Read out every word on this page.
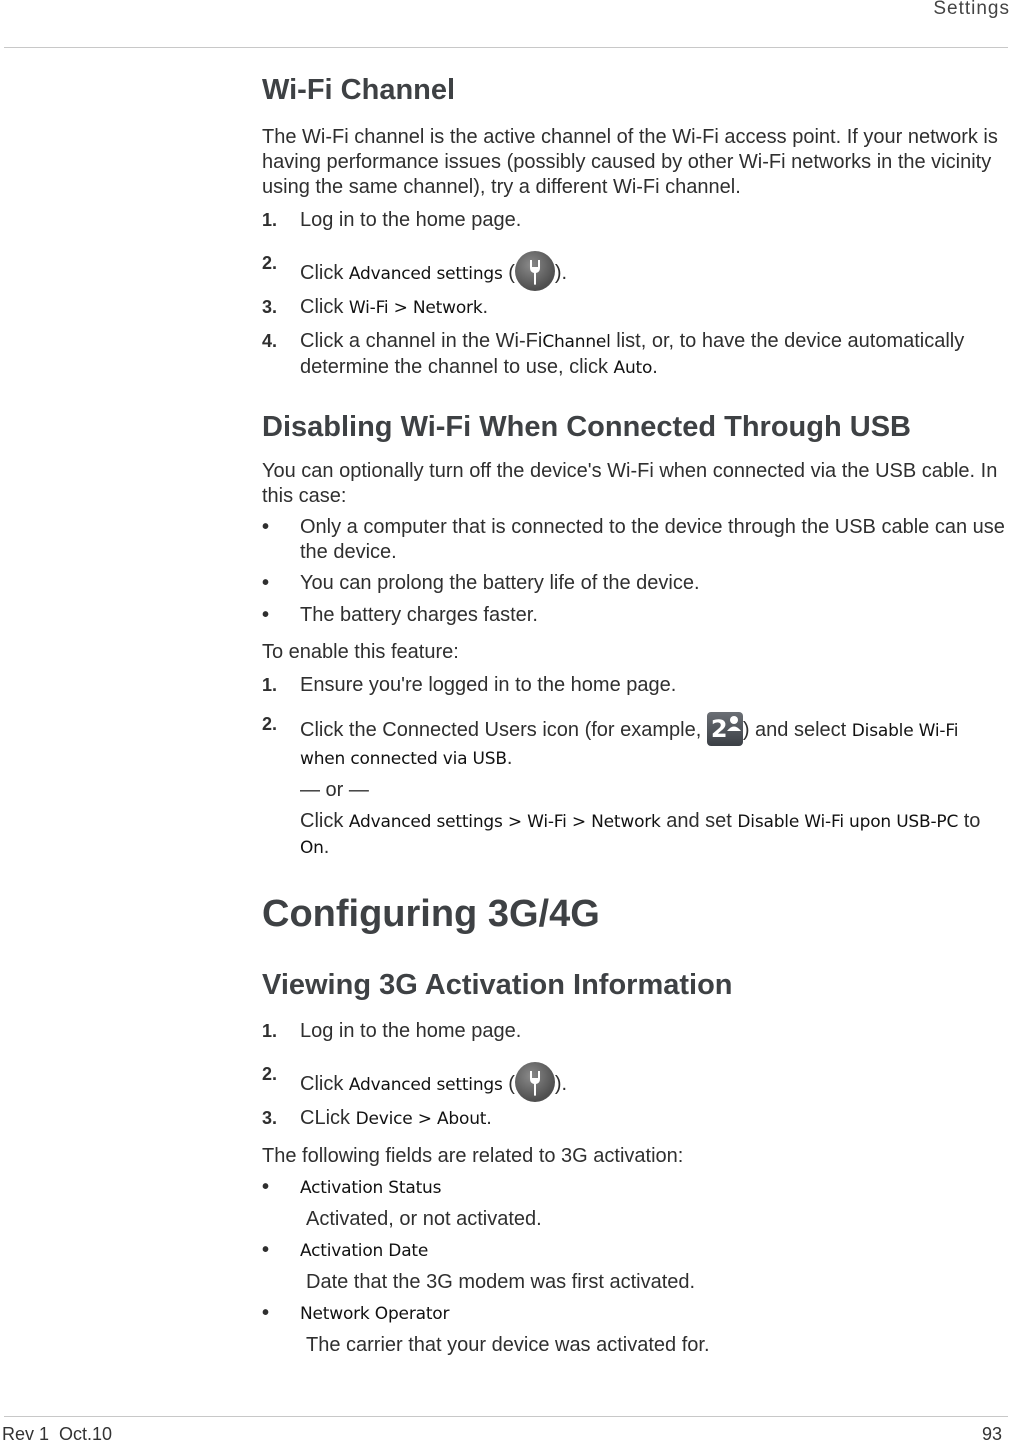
Settings
Wi-Fi Channel

The Wi-Fi channel is the active channel of the Wi-Fi access point. If your network is having performance issues (possibly caused by other Wi-Fi networks in the vicinity using the same channel), try a different Wi-Fi channel.

1. Log in to the home page.
2. Click Advanced settings ( ).
3. Click Wi-Fi > Network.
4. Click a channel in the Wi-FiChannel list, or, to have the device automatically determine the channel to use, click Auto.
Disabling Wi-Fi When Connected Through USB

You can optionally turn off the device's Wi-Fi when connected via the USB cable. In this case:

• Only a computer that is connected to the device through the USB cable can use the device.
• You can prolong the battery life of the device.
• The battery charges faster.

To enable this feature:

1. Ensure you're logged in to the home page.
2. Click the Connected Users icon (for example, 2 ) and select Disable Wi-Fi when connected via USB.
— or —
Click Advanced settings > Wi-Fi > Network and set Disable Wi-Fi upon USB-PC to On.
Configuring 3G/4G
Viewing 3G Activation Information
1. Log in to the home page.
2. Click Advanced settings ( ).
3. CLick Device > About.

The following fields are related to 3G activation:

• Activation Status
Activated, or not activated.
• Activation Date
Date that the 3G modem was first activated.
• Network Operator
The carrier that your device was activated for.
Rev 1  Oct.10	93
